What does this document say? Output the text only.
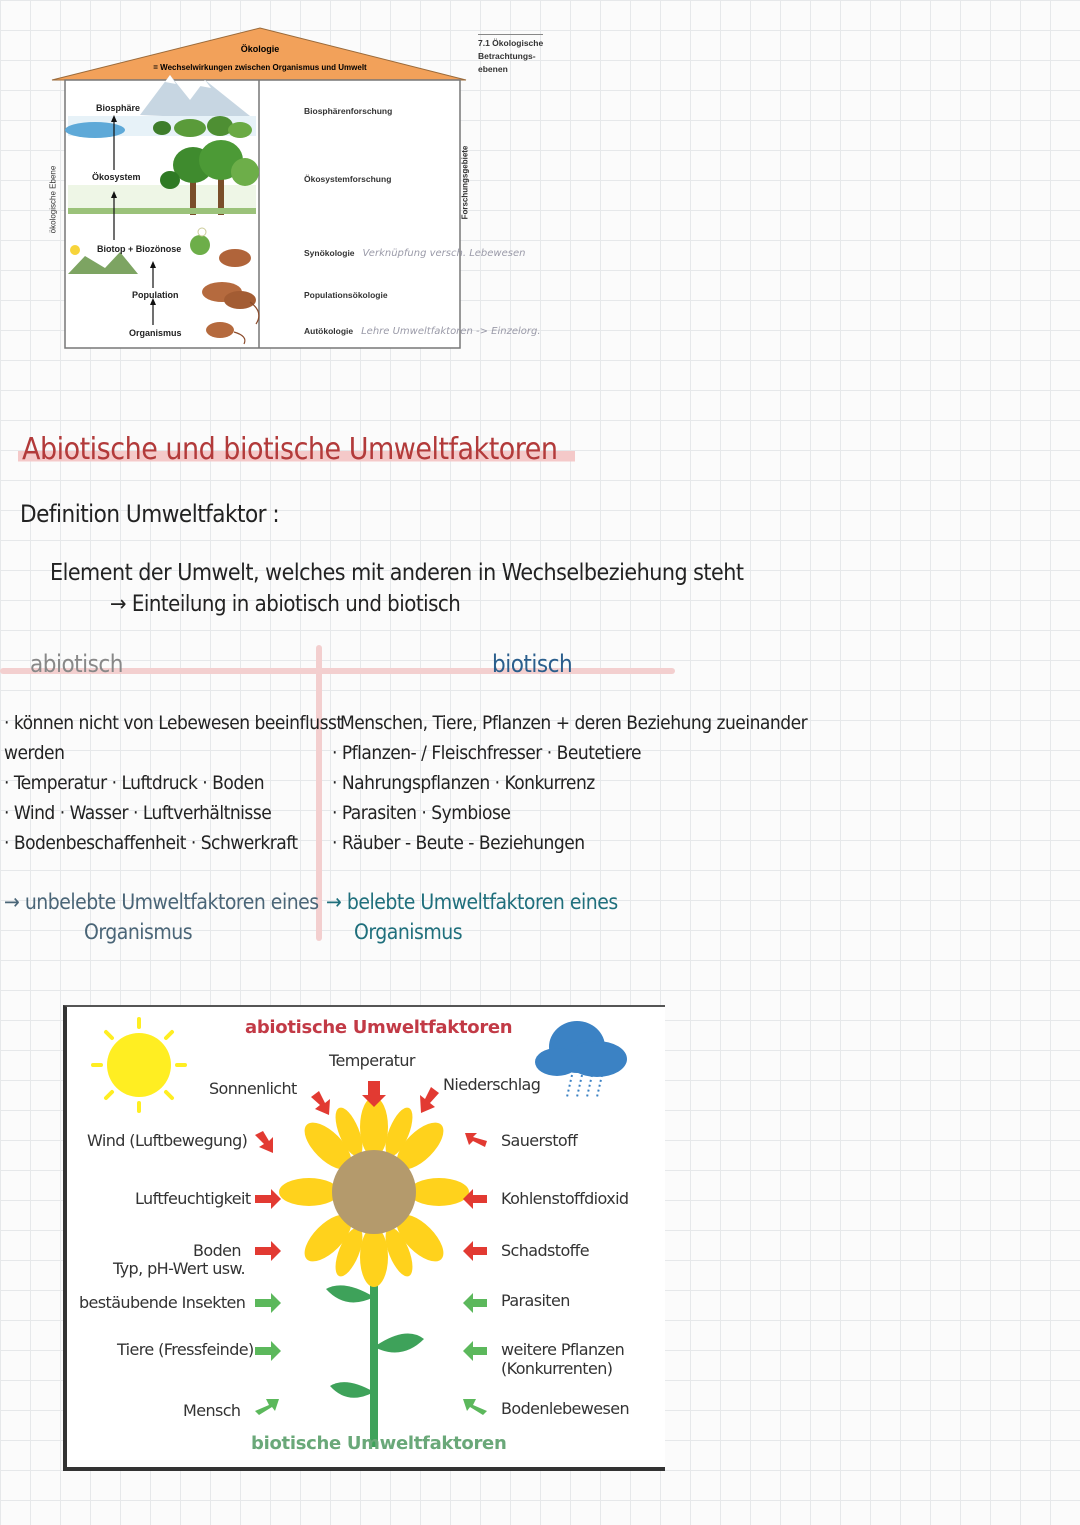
Ökologie
= Wechselwirkungen zwischen Organismus und Umwelt
ökologische Ebene	Forschungsgebiete
7.1 Ökologische
Betrachtungs-
ebenen
Biosphäre
Ökosystem
Biotop + Biozönose
Population
Organismus
Biosphärenforschung
Ökosystemforschung
Synökologie Verknüpfung versch. Lebewesen
Populationsökologie
Autökologie Lehre Umweltfaktoren -> Einzelorg.
Abiotische und biotische Umweltfaktoren
Definition Umweltfaktor :
Element der Umwelt, welches mit anderen in Wechselbeziehung steht
→ Einteilung in abiotisch und biotisch
abiotisch	biotisch
· können nicht von Lebewesen beeinflusst
werden
· Temperatur · Luftdruck · Boden
· Wind · Wasser · Luftverhältnisse
· Bodenbeschaffenheit · Schwerkraft
→ unbelebte Umweltfaktoren eines
Organismus
Menschen, Tiere, Pflanzen + deren Beziehung zueinander
· Pflanzen- / Fleischfresser · Beutetiere
· Nahrungspflanzen · Konkurrenz
· Parasiten · Symbiose
· Räuber - Beute - Beziehungen
→ belebte Umweltfaktoren eines
Organismus
abiotische Umweltfaktoren
biotische Umweltfaktoren
Sonnenlicht
Temperatur
Niederschlag
Wind (Luftbewegung)
Luftfeuchtigkeit
Boden
Typ, pH-Wert usw.
bestäubende Insekten
Tiere (Fressfeinde)
Mensch
Sauerstoff
Kohlenstoffdioxid
Schadstoffe
Parasiten
weitere Pflanzen
(Konkurrenten)
Bodenlebewesen
